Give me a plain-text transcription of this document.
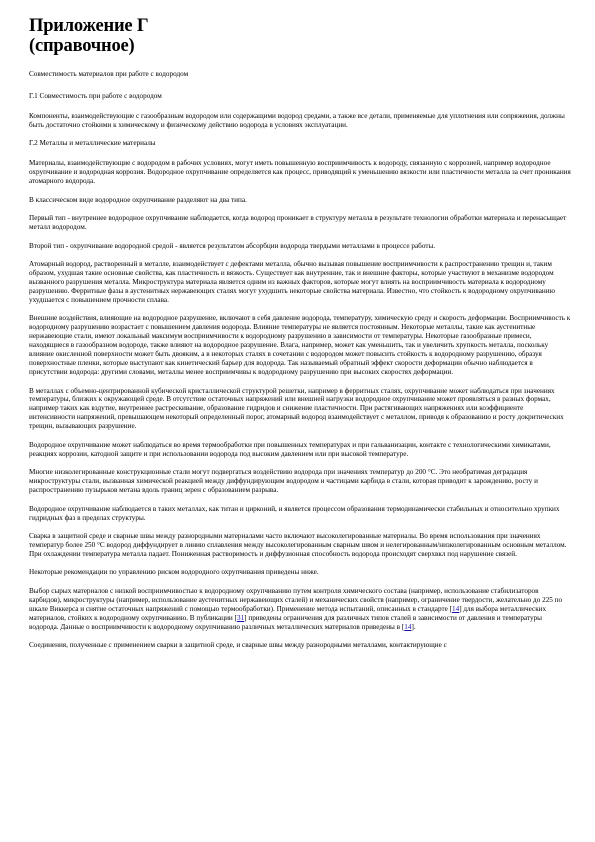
Приложение Г
(справочное)
Совместимость материалов при работе с водородом
Г.1 Совместимость при работе с водородом
Компоненты, взаимодействующие с газообразным водородом или содержащими водород средами, а также все детали, применяемые для уплотнения или сопряжения, должны быть достаточно стойкими к химическому и физическому действию водорода в условиях эксплуатации.
Г.2 Металлы и металлические материалы
Материалы, взаимодействующие с водородом в рабочих условиях, могут иметь повышенную восприимчивость к водороду, связанную с коррозией, например водородное охрупчивание и водородная коррозия. Водородное охрупчивание определяется как процесс, приводящий к уменьшению вязкости или пластичности металла за счет проникания атомарного водорода.
В классическом виде водородное охрупчивание разделяют на два типа.
Первый тип - внутреннее водородное охрупчивание наблюдается, когда водород проникает в структуру металла в результате технологии обработки материала и перенасыщает металл водородом.
Второй тип - охрупчивание водородной средой - является результатом абсорбции водорода твердыми металлами в процессе работы.
Атомарный водород, растворенный в металле, взаимодействует с дефектами металла, обычно вызывая повышение восприимчивости к распространению трещин и, таким образом, ухудшая такие основные свойства, как пластичность и вязкость. Существует как внутренние, так и внешние факторы, которые участвуют в механизме водородом вызванного разрушения металла. Микроструктура материала является одним из важных факторов, которые могут влиять на восприимчивость материала к водородному разрушению. Ферритные фазы в аустенитных нержавеющих сталях могут ухудшить некоторые свойства материала. Известно, что стойкость к водородному охрупчиванию ухудшается с повышением прочности сплава.
Внешние воздействия, влияющие на водородное разрушение, включают в себя давление водорода, температуру, химическую среду и скорость деформации. Восприимчивость к водородному разрушению возрастает с повышением давления водорода. Влияние температуры не является постоянным. Некоторые металлы, такие как аустенитные нержавеющие стали, имеют локальный максимум восприимчивости к водородному разрушению в зависимости от температуры. Некоторые газообразные примеси, находящиеся в газообразном водороде, также влияют на водородное разрушение. Влага, например, может как уменьшить, так и увеличить хрупкость металла, поскольку влияние окисленной поверхности может быть двояким, а в некоторых сталях в сочетании с водородом может повысить стойкость к водородному разрушению, образуя поверхностные пленки, которые выступают как кинетический барьер для водорода. Так называемый обратный эффект скорости деформации обычно наблюдается в присутствии водорода: другими словами, металлы менее восприимчивы к водородному разрушению при высоких скоростях деформации.
В металлах с объемно-центрированной кубической кристаллической структурой решетки, например в ферритных сталях, охрупчивание может наблюдаться при значениях температуры, близких к окружающей среде. В отсутствие остаточных напряжений или внешней нагрузки водородное охрупчивание может проявляться в разных формах, например таких как вздутие, внутреннее растрескивание, образование гидридов и снижение пластичности. При растягивающих напряжениях или коэффициенте интенсивности напряжений, превышающем некоторый определенный порог, атомарный водород взаимодействует с металлом, приводя к образованию и росту докритических трещин, вызывающих разрушение.
Водородное охрупчивание может наблюдаться во время термообработки при повышенных температурах и при гальванизации, контакте с технологическими химикатами, реакциях коррозии, катодной защите и при использовании водорода под высоким давлением или при высокой температуре.
Многие низколегированные конструкционные стали могут подвергаться воздействию водорода при значениях температур до 200 °C. Это необратимая деградация микроструктуры стали, вызванная химической реакцией между диффундирующим водородом и частицами карбида в стали, которая приводит к зарождению, росту и распространению пузырьков метана вдоль границ зерен с образованием разрыва.
Водородное охрупчивание наблюдается в таких металлах, как титан и цирконий, и является процессом образования термодинамически стабильных и относительно хрупких гидридных фаз в пределах структуры.
Сварка в защитной среде и сварные швы между разнородными материалами часто включают высоколегированные материалы. Во время использования при значениях температур более 250 °C водород диффундирует в линию сплавления между высоколегированным сварным швом и нелегированным/низколегированным основным металлом. При охлаждении температура металла падает. Пониженная растворимость и диффузионная способность водорода происходят сверхвкл под нарушение связей.
Некоторые рекомендации по управлению риском водородного охрупчивания приведены ниже.
Выбор сырых материалов с низкой восприимчивостью к водородному охрупчиванию путем контроля химического состава (например, использование стабилизаторов карбидов), микроструктуры (например, использование аустенитных нержавеющих сталей) и механических свойств (например, ограничение твердости, желательно до 225 по шкале Виккерса и снятие остаточных напряжений с помощью термообработки). Применение метода испытаний, описанных в стандарте [14] для выбора металлических материалов, стойких к водородному охрупчиванию. В публикации [31] приведены ограничения для различных типов сталей в зависимости от давления и температуры водорода. Данные о восприимчивости к водородному охрупчиванию различных металлических материалов приведены в [14].
Соединения, полученные с применением сварки в защитной среде, и сварные швы между разнородными металлами, контактирующие с
